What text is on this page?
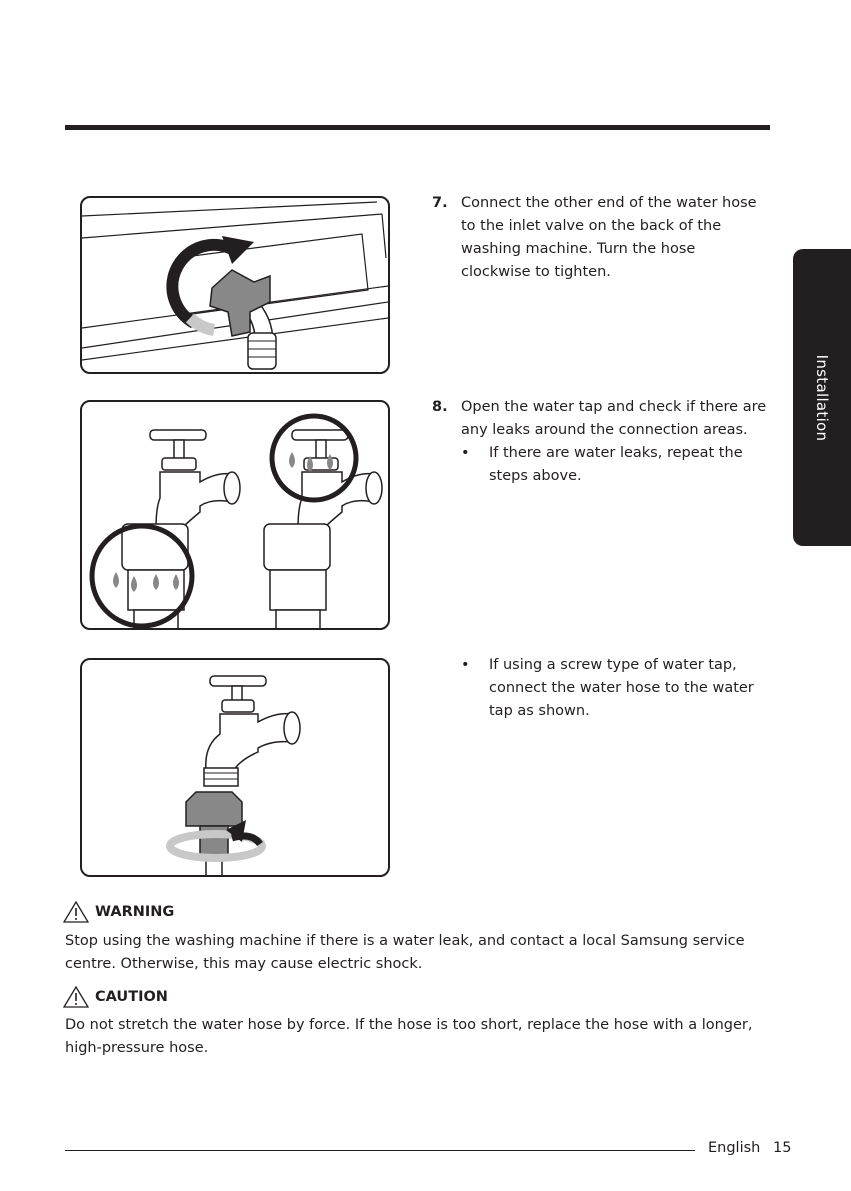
Installation
7. Connect the other end of the water hose to the inlet valve on the back of the washing machine. Turn the hose clockwise to tighten.
8. Open the water tap and check if there are any leaks around the connection areas.
• If there are water leaks, repeat the steps above.
• If using a screw type of water tap, connect the water hose to the water tap as shown.
WARNING
Stop using the washing machine if there is a water leak, and contact a local Samsung service centre. Otherwise, this may cause electric shock.
CAUTION
Do not stretch the water hose by force. If the hose is too short, replace the hose with a longer, high-pressure hose.
English 15
